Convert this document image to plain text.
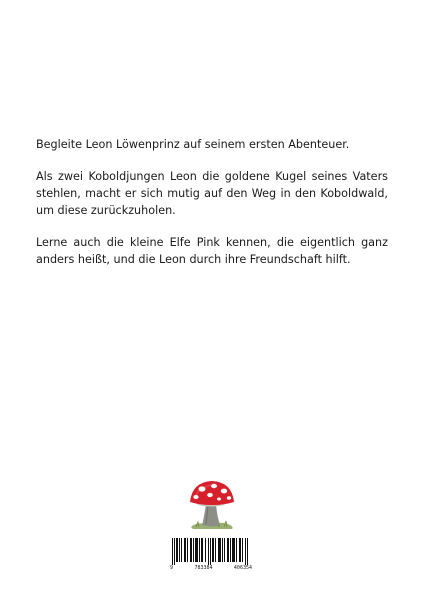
Begleite Leon Löwenprinz auf seinem ersten Abenteuer.

Als zwei Koboldjungen Leon die goldene Kugel seines Vaters stehlen, macht er sich mutig auf den Weg in den Koboldwald, um diese zurückzuholen.

Lerne auch die kleine Elfe Pink kennen, die eigentlich ganz anders heißt, und die Leon durch ihre Freundschaft hilft.

9	783384	406354
